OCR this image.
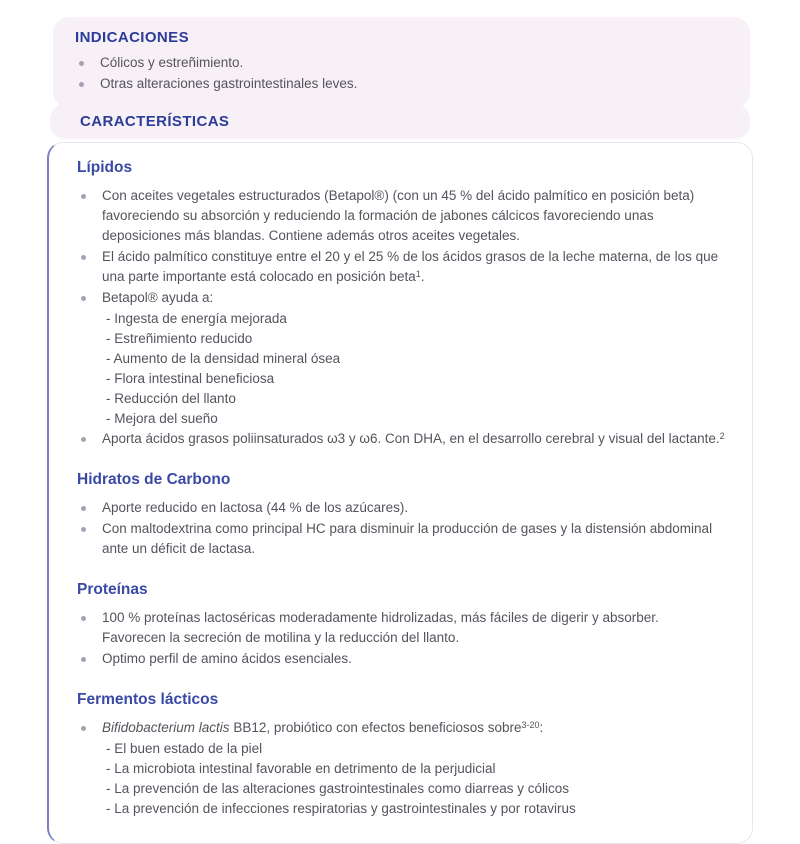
INDICACIONES
Cólicos y estreñimiento.
Otras alteraciones gastrointestinales leves.
CARACTERÍSTICAS
Lípidos
Con aceites vegetales estructurados (Betapol®) (con un 45 % del ácido palmítico en posición beta) favoreciendo su absorción y reduciendo la formación de jabones cálcicos favoreciendo unas deposiciones más blandas. Contiene además otros aceites vegetales.
El ácido palmítico constituye entre el 20 y el 25 % de los ácidos grasos de la leche materna, de los que una parte importante está colocado en posición beta$^1$.
Betapol® ayuda a:
- Ingesta de energía mejorada
- Estreñimiento reducido
- Aumento de la densidad mineral ósea
- Flora intestinal beneficiosa
- Reducción del llanto
- Mejora del sueño
Aporta ácidos grasos poliinsaturados ω3 y ω6. Con DHA, en el desarrollo cerebral y visual del lactante.$^2$
Hidratos de Carbono
Aporte reducido en lactosa (44 % de los azúcares).
Con maltodextrina como principal HC para disminuir la producción de gases y la distensión abdominal ante un déficit de lactasa.
Proteínas
100 % proteínas lactoséricas moderadamente hidrolizadas, más fáciles de digerir y absorber. Favorecen la secreción de motilina y la reducción del llanto.
Optimo perfil de amino ácidos esenciales.
Fermentos lácticos
Bifidobacterium lactis BB12, probiótico con efectos beneficiosos sobre$^{3-20}$:
- El buen estado de la piel
- La microbiota intestinal favorable en detrimento de la perjudicial
- La prevención de las alteraciones gastrointestinales como diarreas y cólicos
- La prevención de infecciones respiratorias y gastrointestinales y por rotavirus
